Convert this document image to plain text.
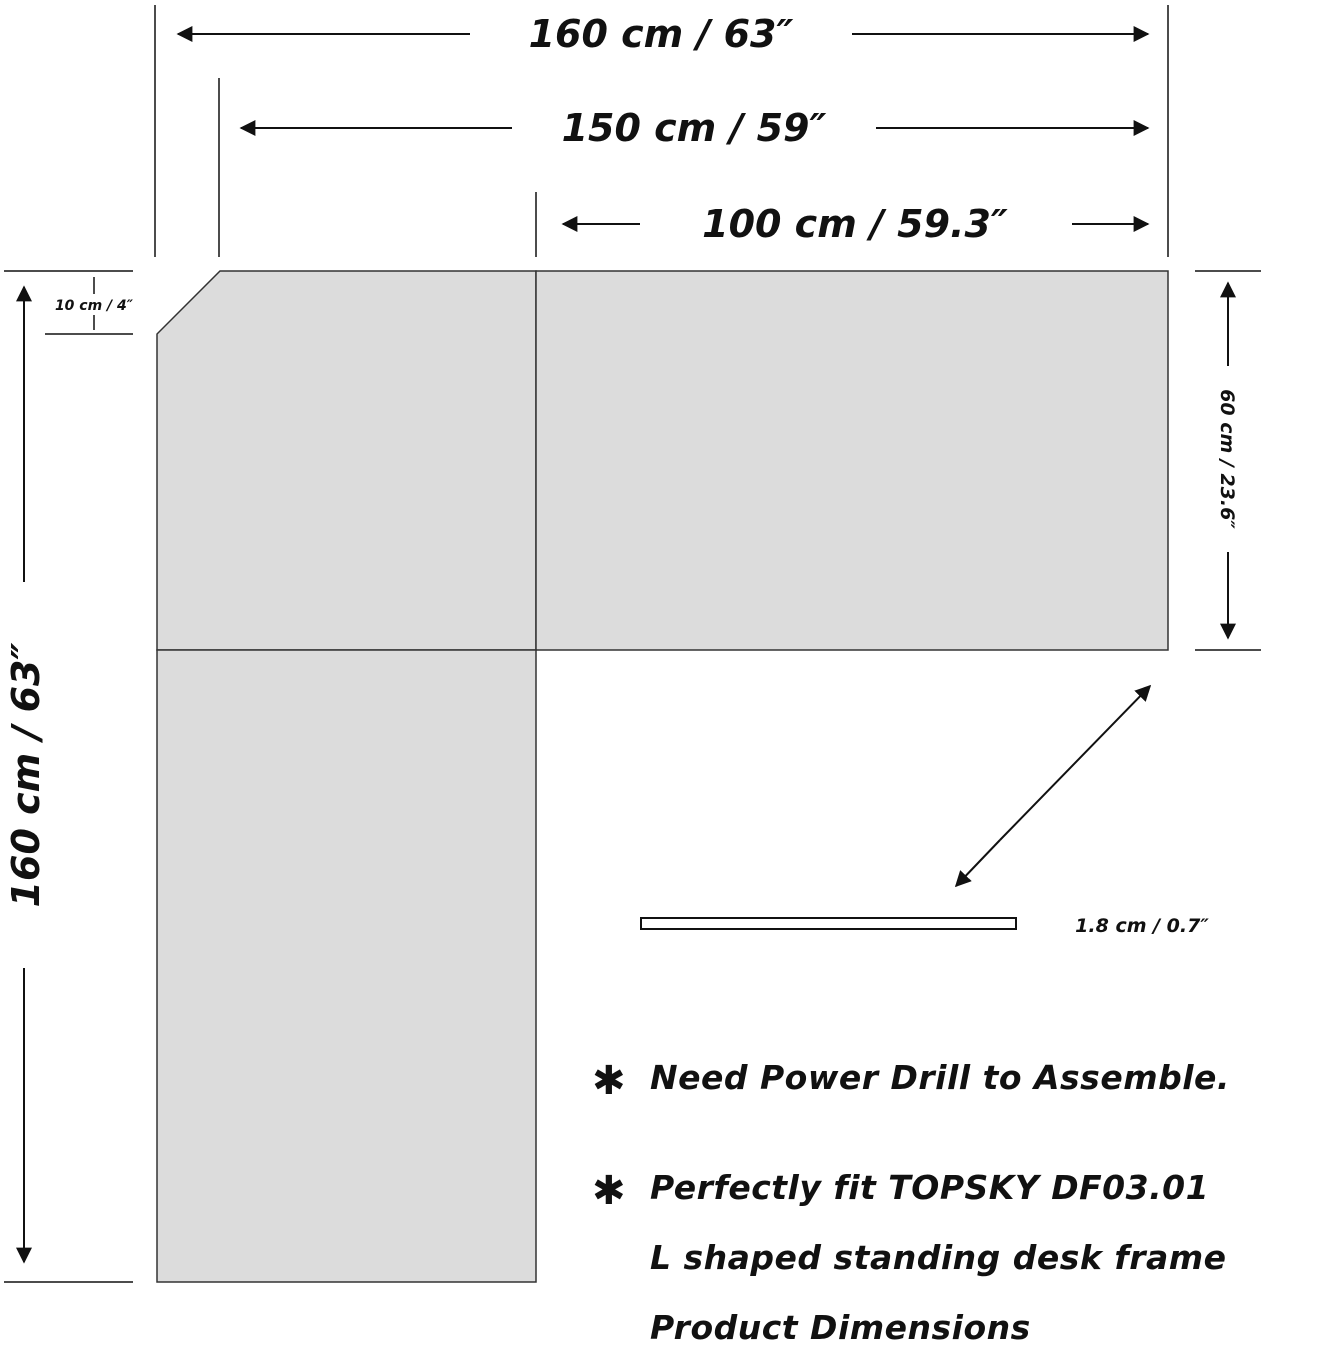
160 cm / 63″
150 cm / 59″
100 cm / 59.3″
10 cm / 4″
1.8 cm / 0.7″
160 cm / 63″
60 cm / 23.6″
✱ Need Power Drill to Assemble.
✱ Perfectly fit TOPSKY DF03.01
L shaped standing desk frame
Product Dimensions
